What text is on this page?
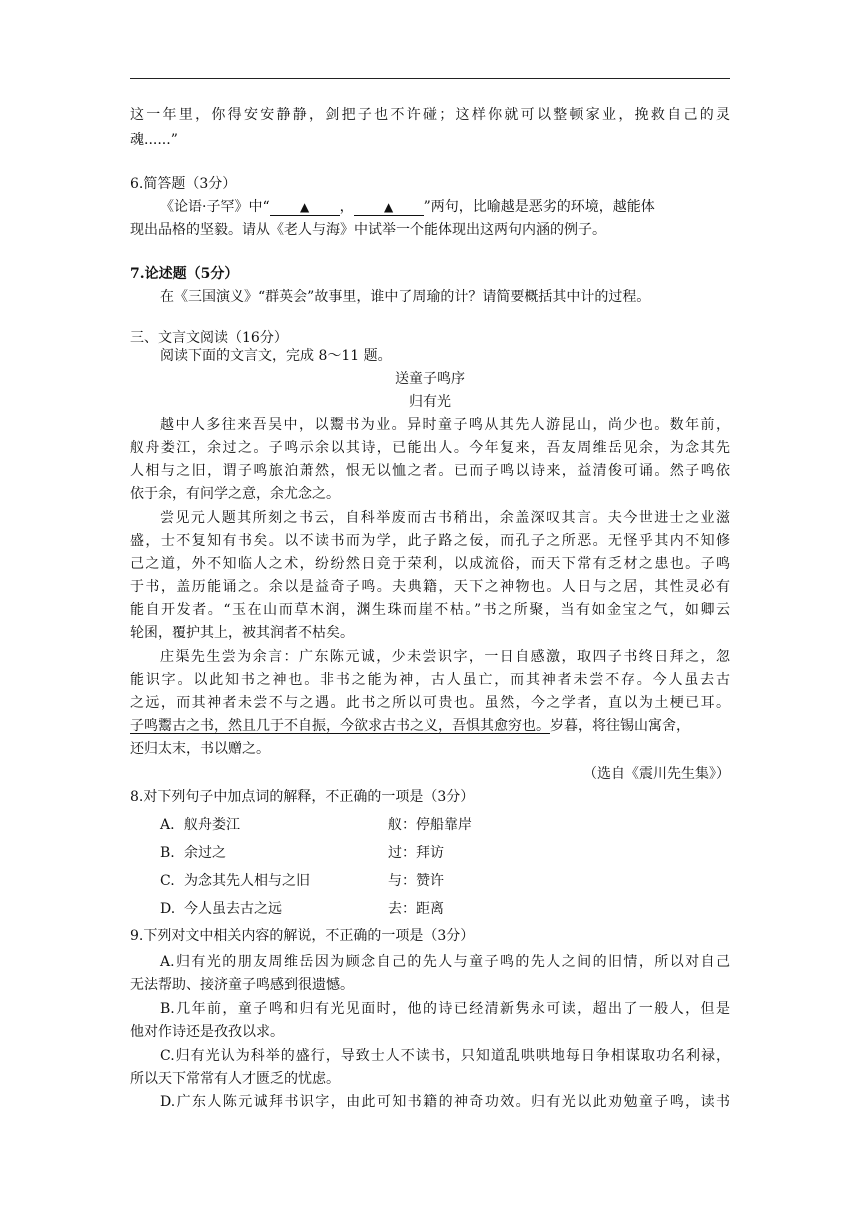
这一年里，你得安安静静，剑把子也不许碰；这样你就可以整顿家业，挽救自己的灵
魂......”
6.简答题（3分）
《论语·子罕》中“	▲ ，	▲ ”两句，比喻越是恶劣的环境，越能体
现出品格的坚毅。请从《老人与海》中试举一个能体现出这两句内涵的例子。
7.论述题（5分）
在《三国演义》“群英会”故事里，谁中了周瑜的计？请简要概括其中计的过程。
三、文言文阅读（16分）
阅读下面的文言文，完成 8～11 题。
送童子鸣序
归有光
越中人多往来吾吴中，以鬻书为业。异时童子鸣从其先人游昆山，尚少也。数年前，
舣舟娄江，余过之。子鸣示余以其诗，已能出人。今年复来，吾友周维岳见余，为念其先
人相与之旧，谓子鸣旅泊萧然，恨无以恤之者。已而子鸣以诗来，益清俊可诵。然子鸣依
依于余，有问学之意，余尤念之。
尝见元人题其所刻之书云，自科举废而古书稍出，余盖深叹其言。夫今世进士之业滋
盛，士不复知有书矣。以不读书而为学，此子路之佞，而孔子之所恶。无怪乎其内不知修
己之道，外不知临人之术，纷纷然日竞于荣利，以成流俗，而天下常有乏材之患也。子鸣
于书，盖历能诵之。余以是益奇子鸣。夫典籍，天下之神物也。人日与之居，其性灵必有
能自开发者。“玉在山而草木润，渊生珠而崖不枯。”书之所聚，当有如金宝之气，如卿云
轮囷，覆护其上，被其润者不枯矣。
庄渠先生尝为余言：广东陈元诚，少未尝识字，一日自感激，取四子书终日拜之，忽
能识字。以此知书之神也。非书之能为神，古人虽亡，而其神者未尝不存。今人虽去古
之远，而其神者未尝不与之遇。此书之所以可贵也。虽然，今之学者，直以为土梗已耳。
子鸣鬻古之书，然且几于不自振，今欲求古书之义，吾惧其愈穷也。岁暮，将往锡山寓舍，
还归太末，书以赠之。
（选自《震川先生集》）
8.对下列句子中加点词的解释，不正确的一项是（3分）
A. 舣舟娄江	舣：停船靠岸
B. 余过之	过：拜访
C. 为念其先人相与之旧	与：赞许
D. 今人虽去古之远	去：距离
9.下列对文中相关内容的解说，不正确的一项是（3分）
A.归有光的朋友周维岳因为顾念自己的先人与童子鸣的先人之间的旧情，所以对自己
无法帮助、接济童子鸣感到很遗憾。
B.几年前，童子鸣和归有光见面时，他的诗已经清新隽永可读，超出了一般人，但是
他对作诗还是孜孜以求。
C.归有光认为科举的盛行，导致士人不读书，只知道乱哄哄地每日争相谋取功名利禄，
所以天下常常有人才匮乏的忧虑。
D.广东人陈元诚拜书识字，由此可知书籍的神奇功效。归有光以此劝勉童子鸣，读书
